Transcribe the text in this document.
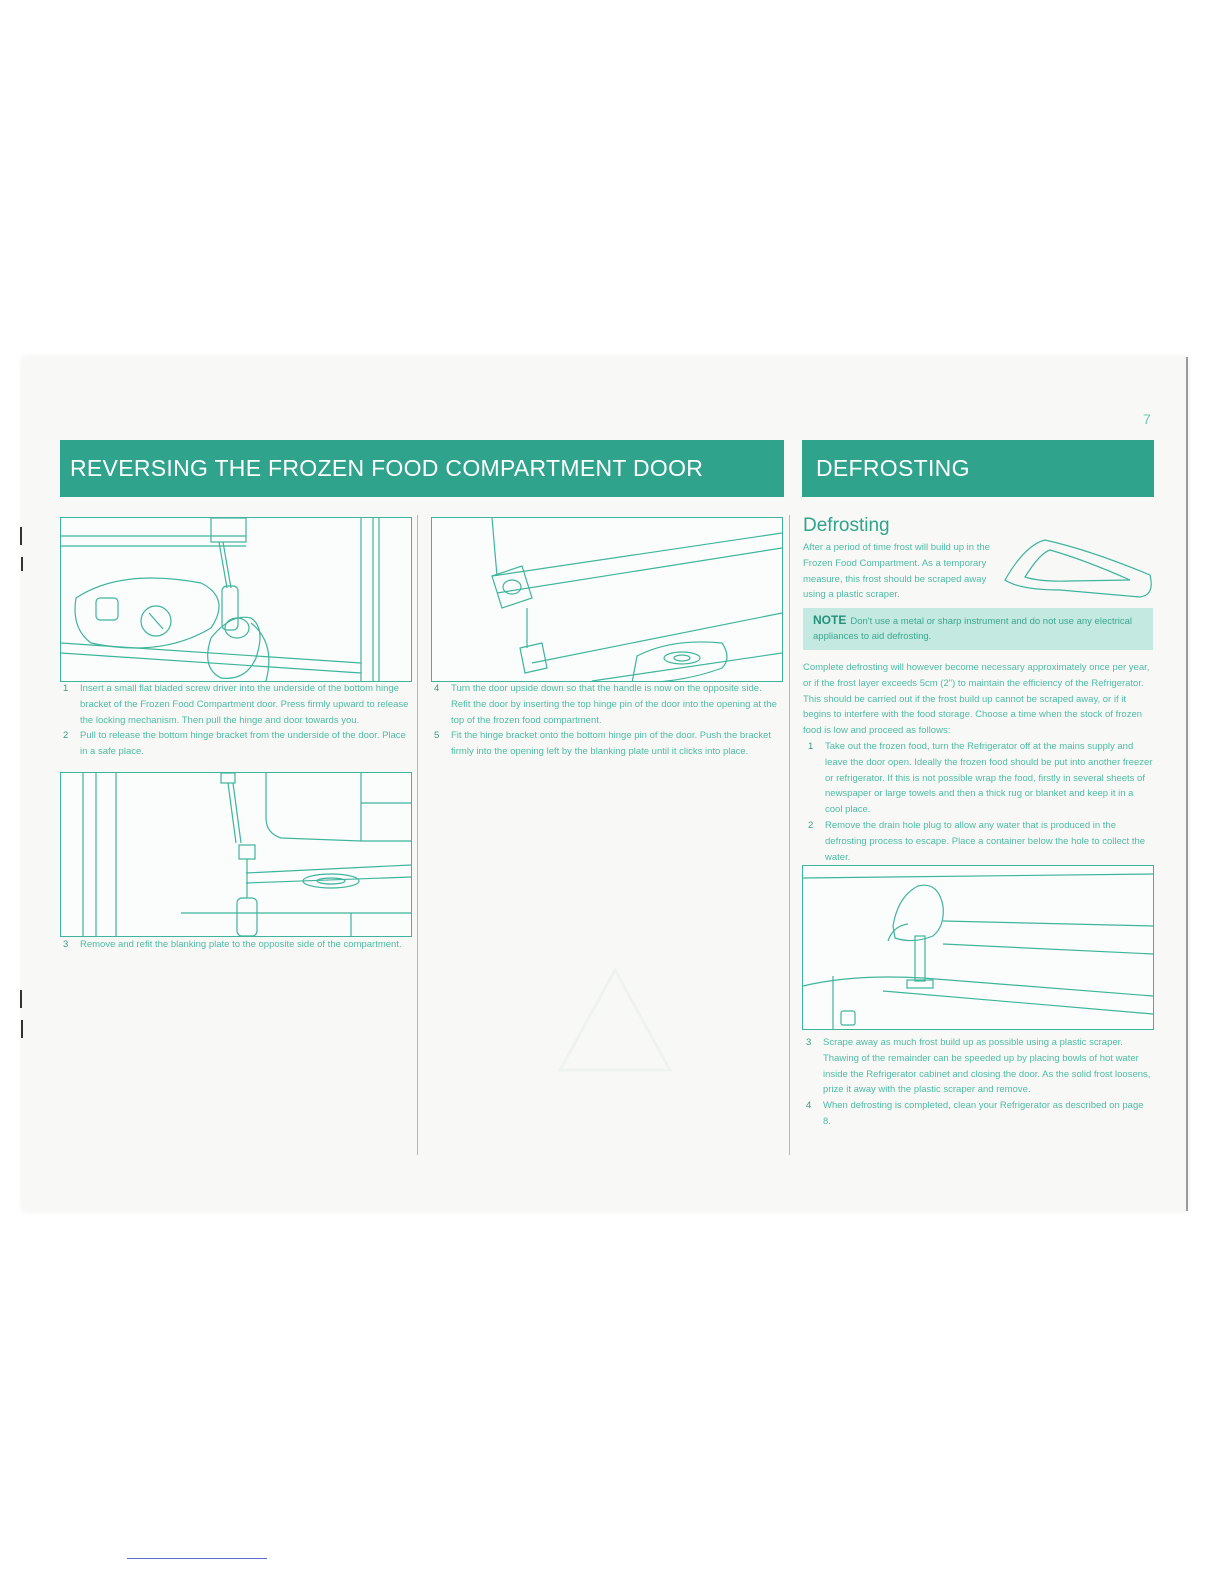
7
REVERSING THE FROZEN FOOD COMPARTMENT DOOR	DEFROSTING
1	Insert a small flat bladed screw driver into the underside of the bottom hinge bracket of the Frozen Food Compartment door. Press firmly upward to release the locking mechanism. Then pull the hinge and door towards you.
2	Pull to release the bottom hinge bracket from the underside of the door. Place in a safe place.
3	Remove and refit the blanking plate to the opposite side of the compartment.
4	Turn the door upside down so that the handle is now on the opposite side. Refit the door by inserting the top hinge pin of the door into the opening at the top of the frozen food compartment.
5	Fit the hinge bracket onto the bottom hinge pin of the door. Push the bracket firmly into the opening left by the blanking plate until it clicks into place.
Defrosting
After a period of time frost will build up in the Frozen Food Compartment. As a temporary measure, this frost should be scraped away using a plastic scraper.
NOTE Don't use a metal or sharp instrument and do not use any electrical appliances to aid defrosting.
Complete defrosting will however become necessary approximately once per year, or if the frost layer exceeds 5cm (2") to maintain the efficiency of the Refrigerator. This should be carried out if the frost build up cannot be scraped away, or if it begins to interfere with the food storage. Choose a time when the stock of frozen food is low and proceed as follows:
1	Take out the frozen food, turn the Refrigerator off at the mains supply and leave the door open. Ideally the frozen food should be put into another freezer or refrigerator. If this is not possible wrap the food, firstly in several sheets of newspaper or large towels and then a thick rug or blanket and keep it in a cool place.
2	Remove the drain hole plug to allow any water that is produced in the defrosting process to escape. Place a container below the hole to collect the water.
3	Scrape away as much frost build up as possible using a plastic scraper. Thawing of the remainder can be speeded up by placing bowls of hot water inside the Refrigerator cabinet and closing the door. As the solid frost loosens, prize it away with the plastic scraper and remove.
4	When defrosting is completed, clean your Refrigerator as described on page 8.
